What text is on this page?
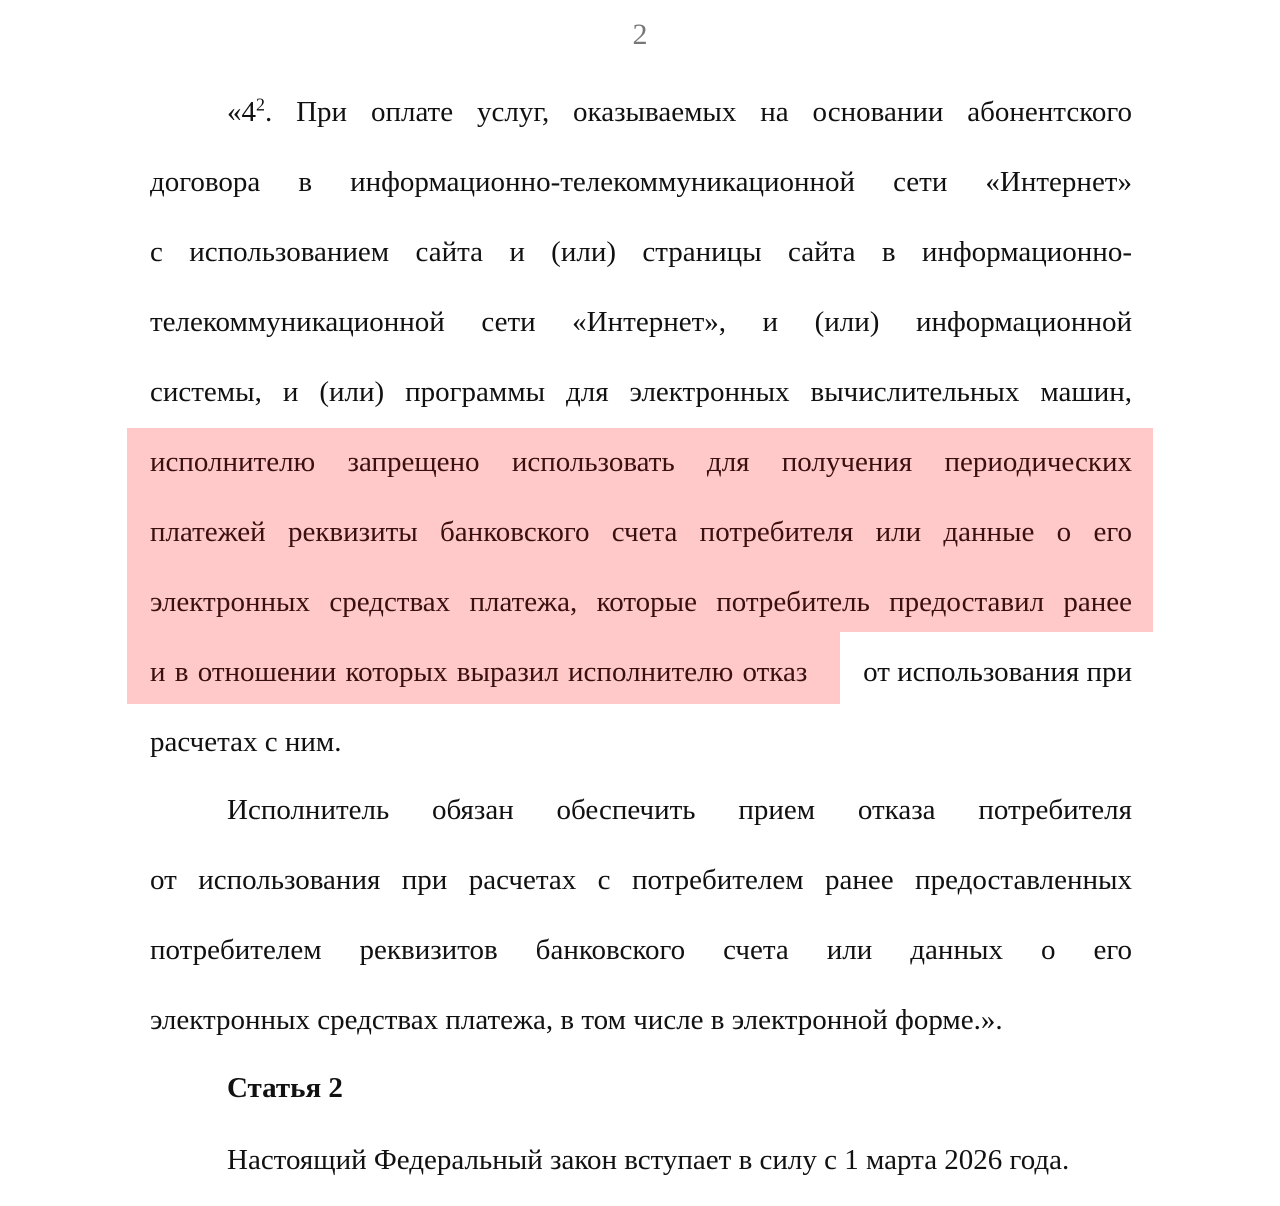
2
«$4^2$. При оплате услуг, оказываемых на основании абонентского
договора в информационно-телекоммуникационной сети «Интернет»
с использованием сайта и (или) страницы сайта в информационно-
телекоммуникационной сети «Интернет», и (или) информационной
системы, и (или) программы для электронных вычислительных машин,
исполнителю запрещено использовать для получения периодических
платежей реквизиты банковского счета потребителя или данные о его
электронных средствах платежа, которые потребитель предоставил ранее
и в отношении которых выразил исполнителю отказ от использования при
расчетах с ним.
Исполнитель обязан обеспечить прием отказа потребителя
от использования при расчетах с потребителем ранее предоставленных
потребителем реквизитов банковского счета или данных о его
электронных средствах платежа, в том числе в электронной форме.».
Статья 2
Настоящий Федеральный закон вступает в силу с 1 марта 2026 года.
